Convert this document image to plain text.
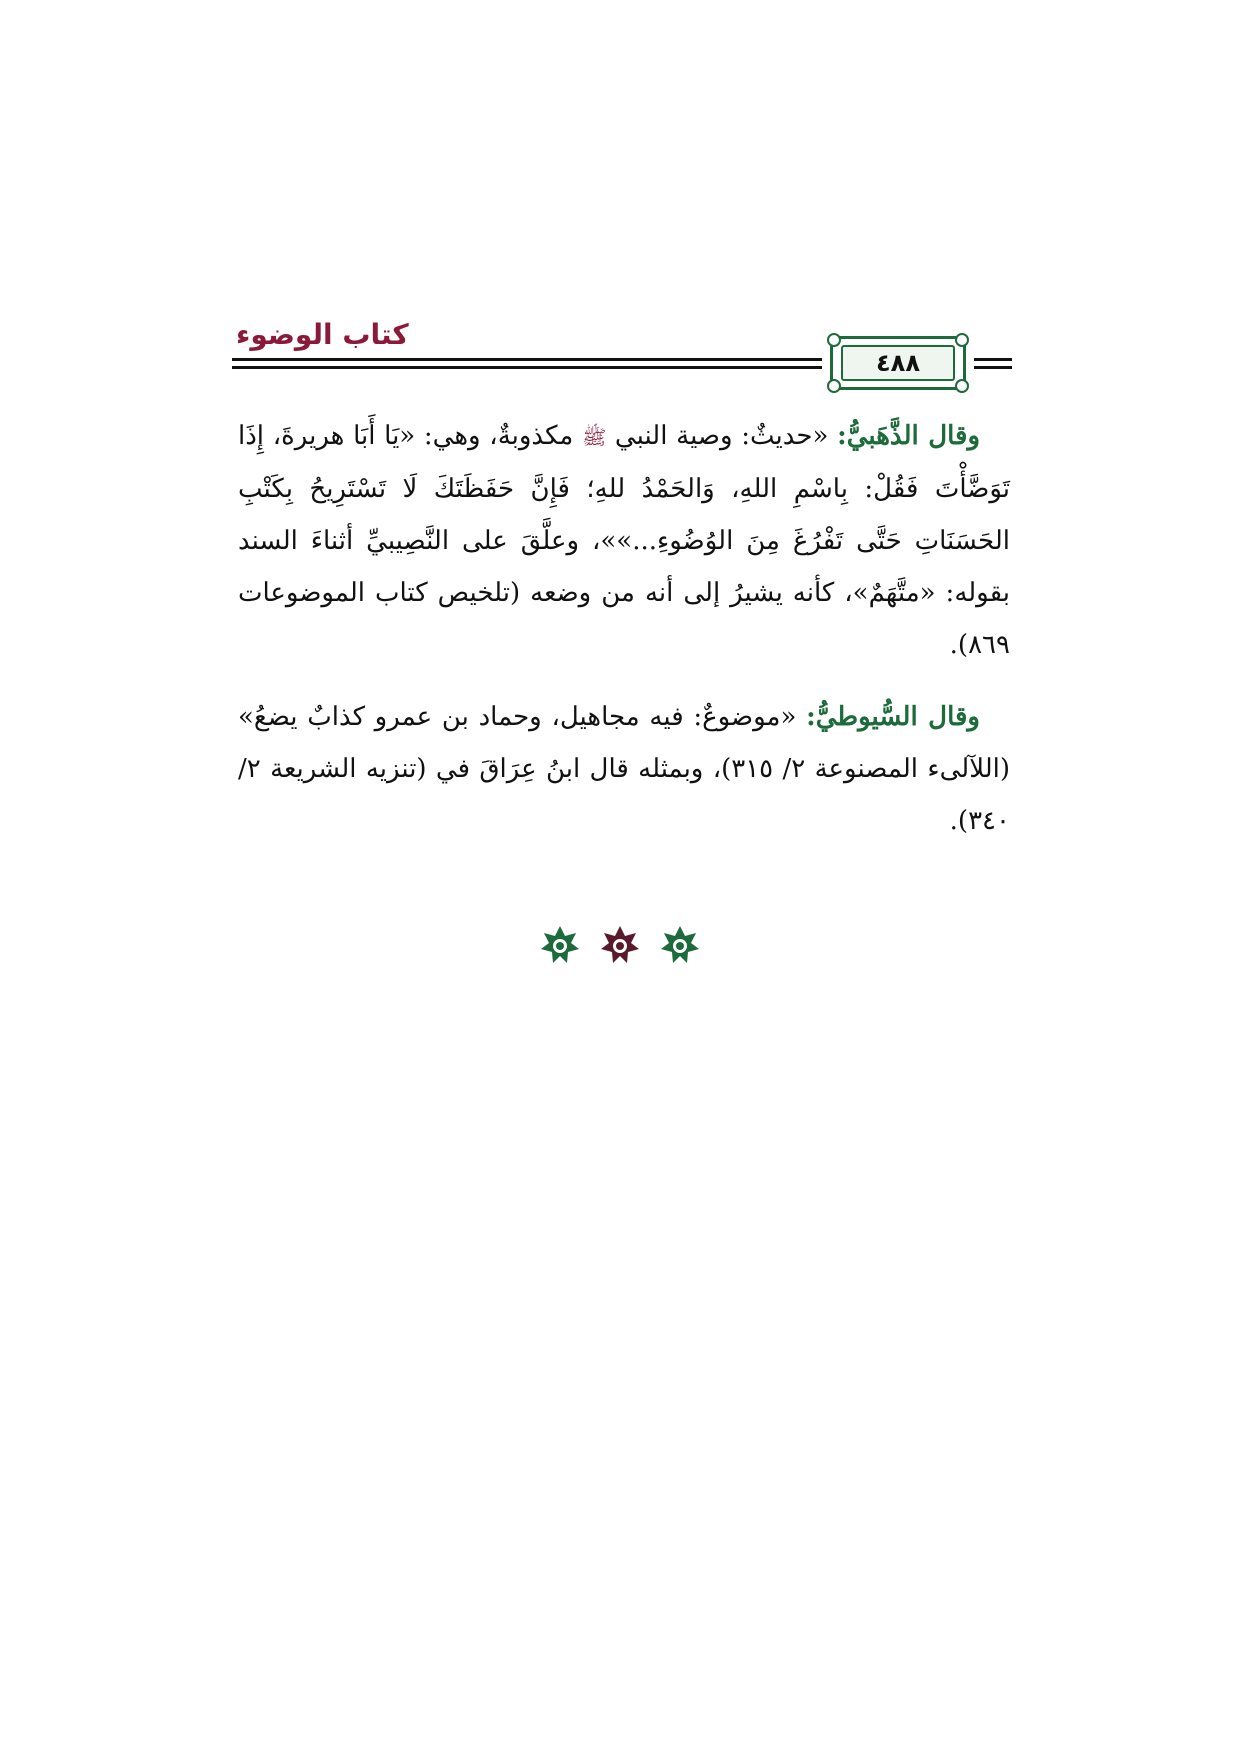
كتاب الوضوء
٤٨٨

وقال الذَّهَبيُّ: «حديثٌ: وصية النبي ﷺ مكذوبةٌ، وهي: «يَا أَبَا هريرةَ، إِذَا تَوَضَّأْتَ فَقُلْ: بِاسْمِ اللهِ، وَالحَمْدُ للهِ؛ فَإِنَّ حَفَظَتَكَ لَا تَسْتَرِيحُ بِكَتْبِ الحَسَنَاتِ حَتَّى تَفْرُغَ مِنَ الوُضُوءِ...»»، وعلَّقَ على النَّصِيبيِّ أثناءَ السند بقوله: «متَّهَمٌ»، كأنه يشيرُ إلى أنه من وضعه (تلخيص كتاب الموضوعات ٨٦٩).

وقال السُّيوطيُّ: «موضوعٌ: فيه مجاهيل، وحماد بن عمرو كذابٌ يضعُ» (اللآلىء المصنوعة ٢/ ٣١٥)، وبمثله قال ابنُ عِرَاقَ في (تنزيه الشريعة ٢/ ٣٤٠).
